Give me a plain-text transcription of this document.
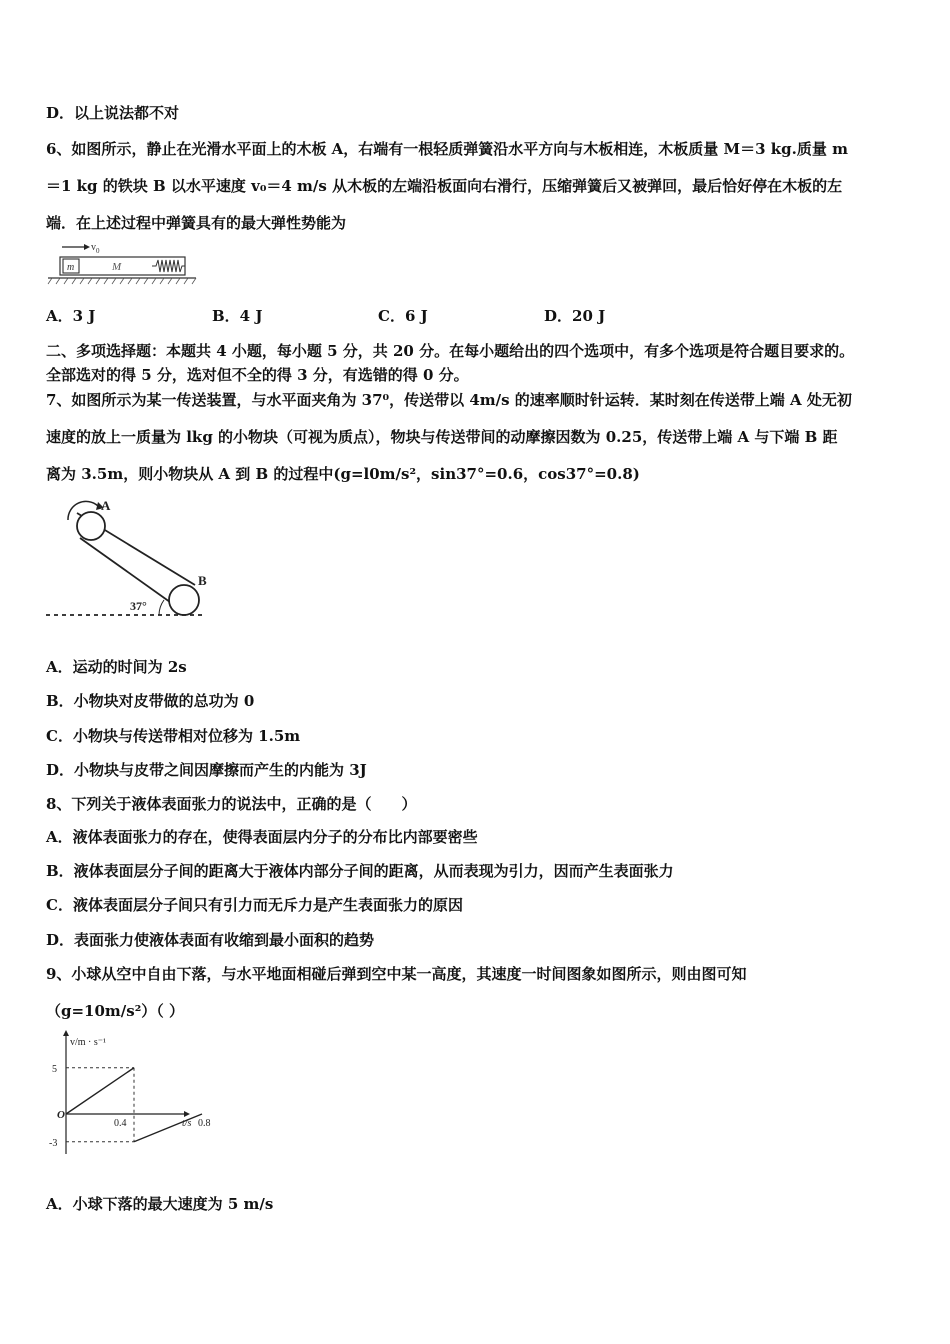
D．以上说法都不对
6、如图所示，静止在光滑水平面上的木板 A，右端有一根轻质弹簧沿水平方向与木板相连，木板质量 M＝3 kg.质量 m
＝1 kg 的铁块 B 以水平速度 v₀＝4 m/s 从木板的左端沿板面向右滑行，压缩弹簧后又被弹回，最后恰好停在木板的左
端．在上述过程中弹簧具有的最大弹性势能为
$v_0$
m	M
A．3 J	B．4 J	C．6 J	D．20 J
二、多项选择题：本题共 4 小题，每小题 5 分，共 20 分。在每小题给出的四个选项中，有多个选项是符合题目要求的。
全部选对的得 5 分，选对但不全的得 3 分，有选错的得 0 分。
7、如图所示为某一传送装置，与水平面夹角为 37⁰，传送带以 4m/s 的速率顺时针运转．某时刻在传送带上端 A 处无初
速度的放上一质量为 lkg 的小物块（可视为质点），物块与传送带间的动摩擦因数为 0.25，传送带上端 A 与下端 B 距
离为 3.5m，则小物块从 A 到 B 的过程中(g=l0m/s²，sin37°=0.6，cos37°=0.8)
A
B
37°
A．运动的时间为 2s
B．小物块对皮带做的总功为 0
C．小物块与传送带相对位移为 1.5m
D．小物块与皮带之间因摩擦而产生的内能为 3J
8、下列关于液体表面张力的说法中，正确的是（　　）
A．液体表面张力的存在，使得表面层内分子的分布比内部要密些
B．液体表面层分子间的距离大于液体内部分子间的距离，从而表现为引力，因而产生表面张力
C．液体表面层分子间只有引力而无斥力是产生表面张力的原因
D．表面张力使液体表面有收缩到最小面积的趋势
9、小球从空中自由下落，与水平地面相碰后弹到空中某一高度，其速度一时间图象如图所示，则由图可知
（g=10m/s²）（ ）
v/m · s⁻¹
t/s
O
5
-3
0.4	0.8
A．小球下落的最大速度为 5 m/s
